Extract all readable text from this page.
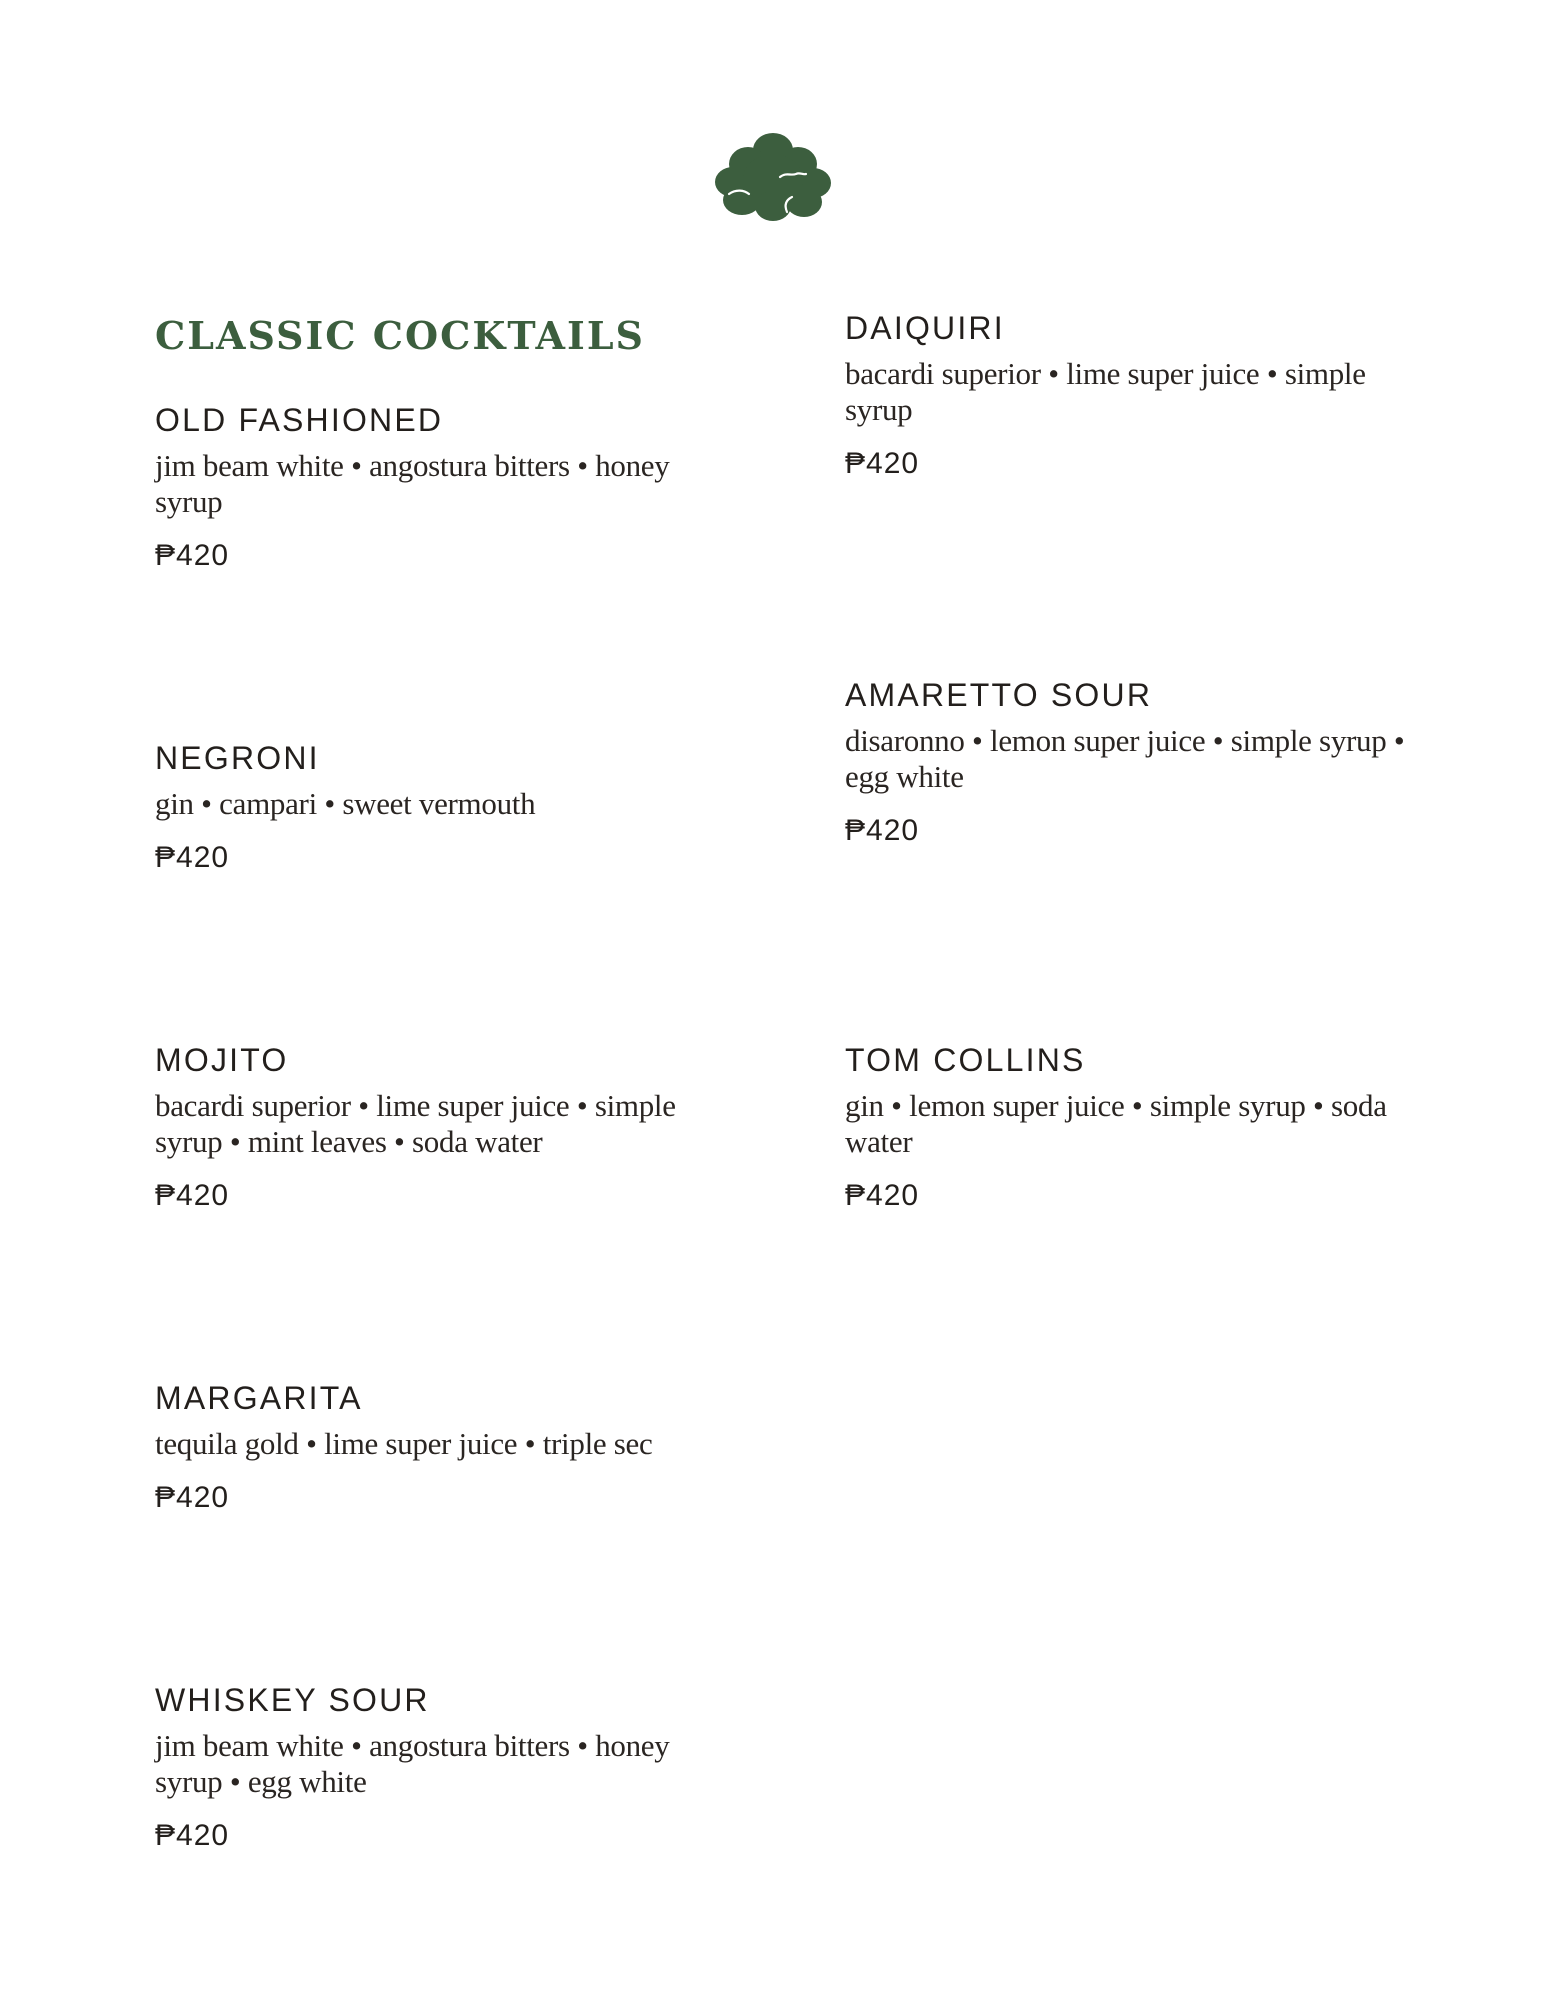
CLASSIC COCKTAILS
OLD FASHIONED

jim beam white • angostura bitters • honey syrup

₱420

NEGRONI

gin • campari • sweet vermouth

₱420

MOJITO

bacardi superior • lime super juice • simple syrup • mint leaves • soda water

₱420

MARGARITA

tequila gold • lime super juice • triple sec

₱420

WHISKEY SOUR

jim beam white • angostura bitters • honey syrup • egg white

₱420

DAIQUIRI

bacardi superior • lime super juice • simple syrup

₱420

AMARETTO SOUR

disaronno • lemon super juice • simple syrup • egg white

₱420

TOM COLLINS

gin • lemon super juice • simple syrup • soda water

₱420
